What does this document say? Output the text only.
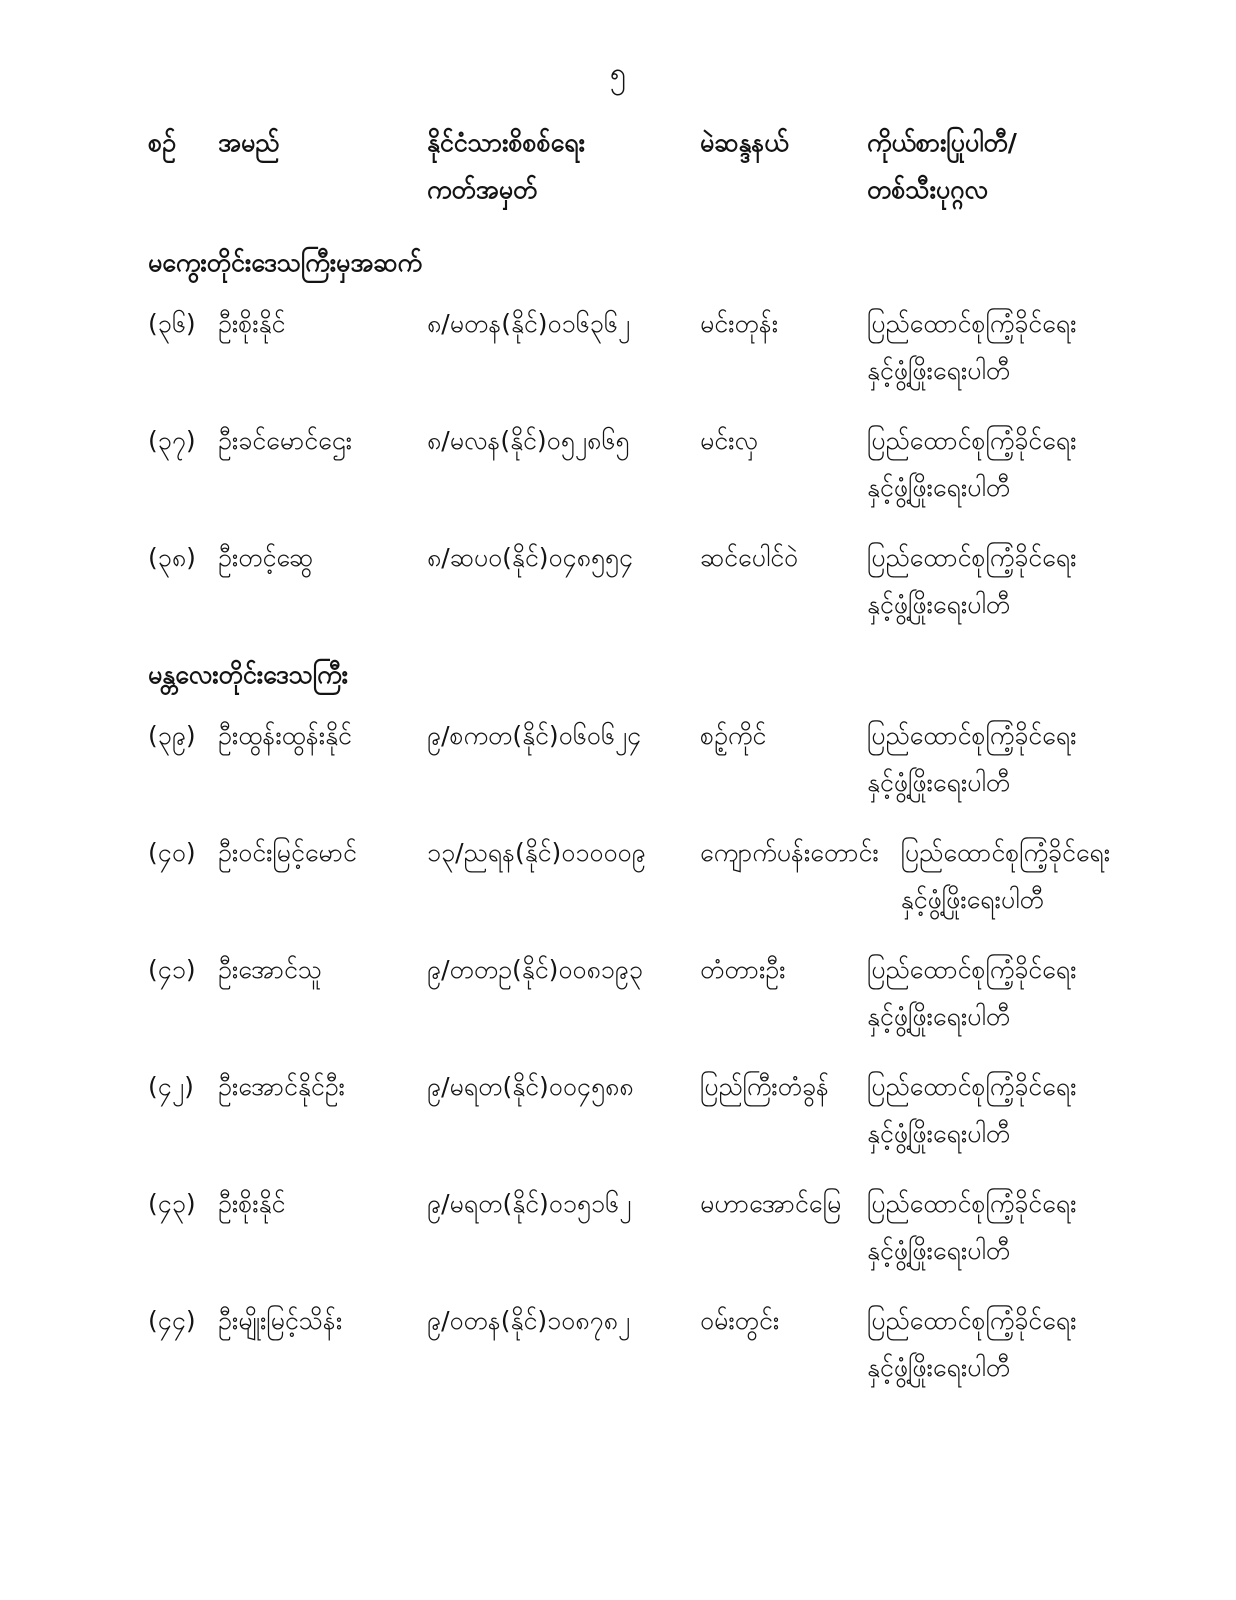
၅
စဉ်	အမည်	နိုင်ငံသားစိစစ်ရေး
ကတ်အမှတ်
မဲဆန္ဒနယ်	ကိုယ်စားပြုပါတီ/
တစ်သီးပုဂ္ဂလ
မကွေးတိုင်းဒေသကြီးမှအဆက်
(၃၆) ဦးစိုးနိုင်	၈/မတန(နိုင်)၀၁၆၃၆၂	မင်းတုန်း	ပြည်ထောင်စုကြံ့ခိုင်ရေး
နှင့်ဖွံ့ဖြိုးရေးပါတီ
(၃၇) ဦးခင်မောင်ဌေး	၈/မလန(နိုင်)၀၅၂၈၆၅	မင်းလှ	ပြည်ထောင်စုကြံ့ခိုင်ရေး
နှင့်ဖွံ့ဖြိုးရေးပါတီ
(၃၈) ဦးတင့်ဆွေ	၈/ဆပဝ(နိုင်)၀၄၈၅၅၄	ဆင်ပေါင်ဝဲ	ပြည်ထောင်စုကြံ့ခိုင်ရေး
နှင့်ဖွံ့ဖြိုးရေးပါတီ
မန္တလေးတိုင်းဒေသကြီး
(၃၉) ဦးထွန်းထွန်းနိုင်	၉/စကတ(နိုင်)၀၆၀၆၂၄	စဉ့်ကိုင်	ပြည်ထောင်စုကြံ့ခိုင်ရေး
နှင့်ဖွံ့ဖြိုးရေးပါတီ
(၄၀) ဦးဝင်းမြင့်မောင်	၁၃/ညရန(နိုင်)၀၁၀၀၀၉	ကျောက်ပန်းတောင်း ပြည်ထောင်စုကြံ့ခိုင်ရေး
နှင့်ဖွံ့ဖြိုးရေးပါတီ
(၄၁) ဦးအောင်သူ	၉/တတဥ(နိုင်)၀၀၈၁၉၃	တံတားဦး	ပြည်ထောင်စုကြံ့ခိုင်ရေး
နှင့်ဖွံ့ဖြိုးရေးပါတီ
(၄၂) ဦးအောင်နိုင်ဦး	၉/မရတ(နိုင်)၀၀၄၅၈၈	ပြည်ကြီးတံခွန်	ပြည်ထောင်စုကြံ့ခိုင်ရေး
နှင့်ဖွံ့ဖြိုးရေးပါတီ
(၄၃) ဦးစိုးနိုင်	၉/မရတ(နိုင်)၀၁၅၁၆၂	မဟာအောင်မြေ	ပြည်ထောင်စုကြံ့ခိုင်ရေး
နှင့်ဖွံ့ဖြိုးရေးပါတီ
(၄၄) ဦးမျိုးမြင့်သိန်း	၉/ဝတန(နိုင်)၁၀၈၇၈၂	ဝမ်းတွင်း	ပြည်ထောင်စုကြံ့ခိုင်ရေး
နှင့်ဖွံ့ဖြိုးရေးပါတီ
